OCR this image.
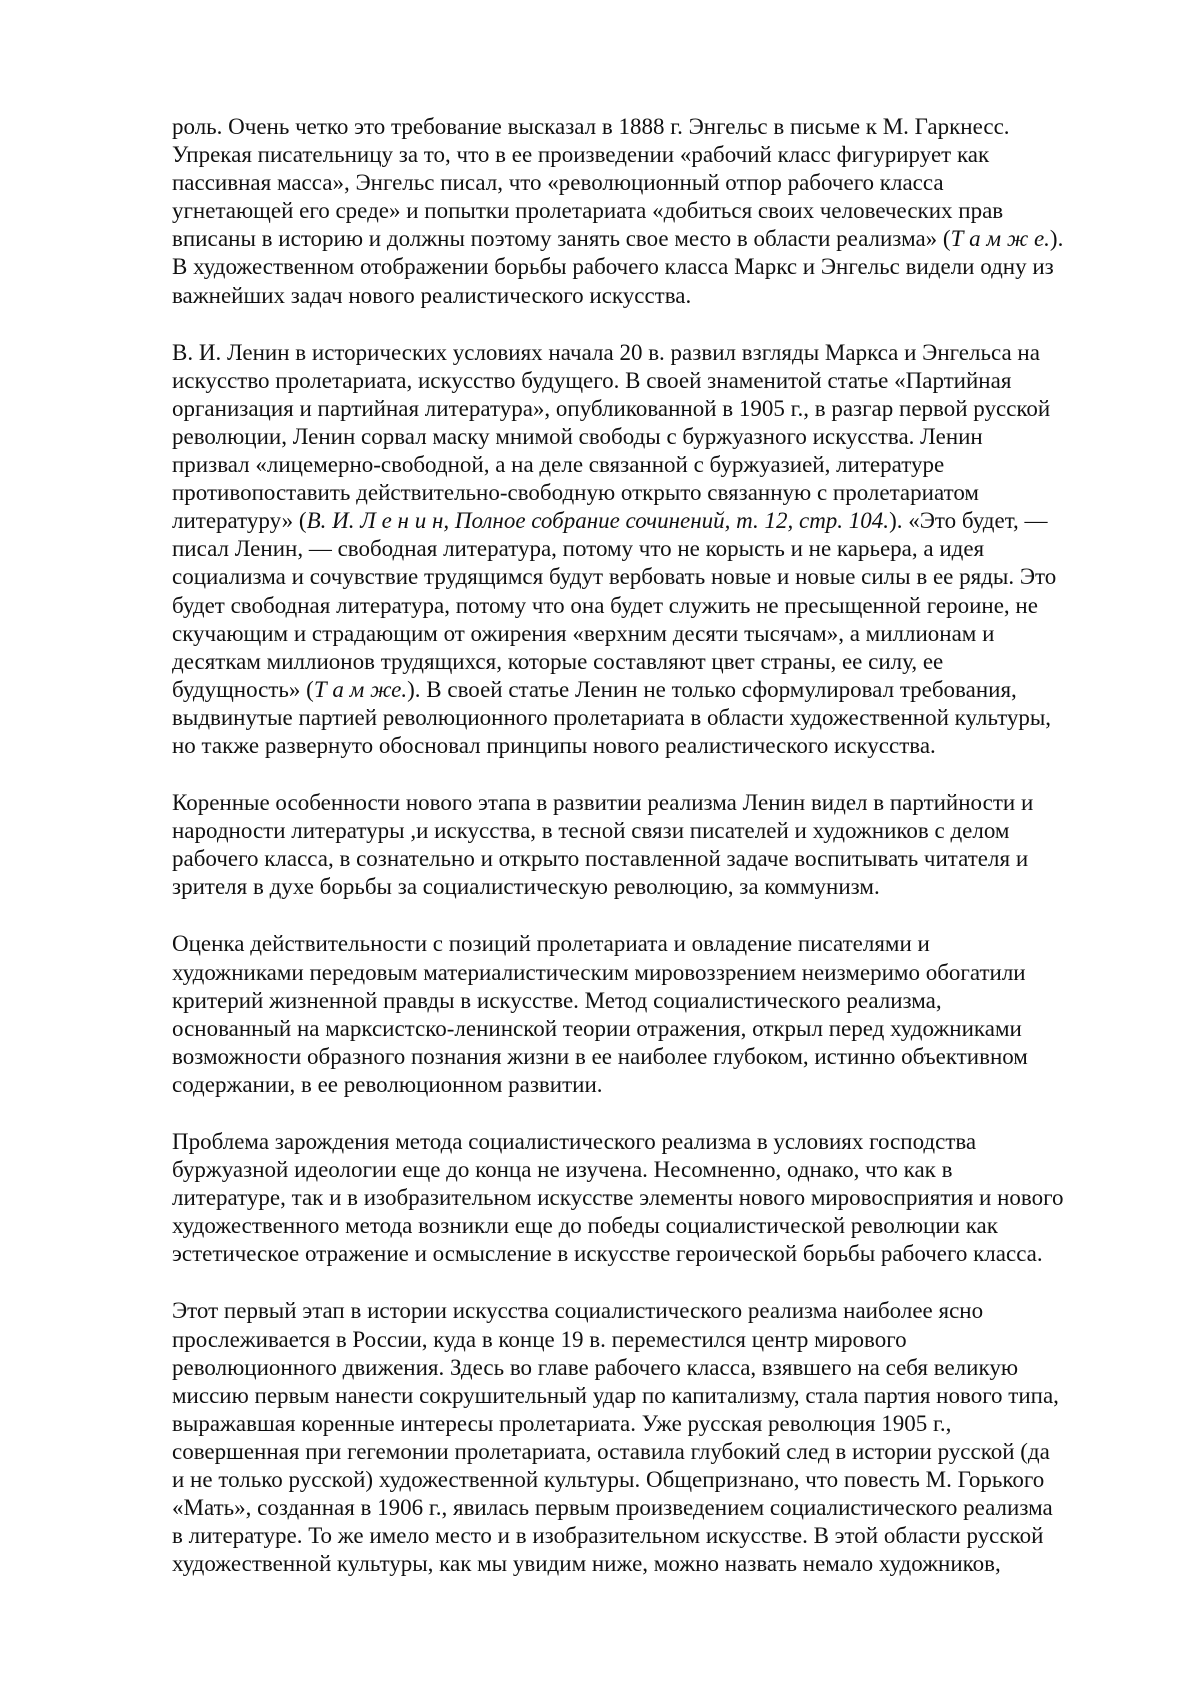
роль. Очень четко это требование высказал в 1888 г. Энгельс в письме к М. Гаркнесс.
Упрекая писательницу за то, что в ее произведении «рабочий класс фигурирует как
пассивная масса», Энгельс писал, что «революционный отпор рабочего класса
угнетающей его среде» и попытки пролетариата «добиться своих человеческих прав
вписаны в историю и должны поэтому занять свое место в области реализма» (Т а м ж е.).
В художественном отображении борьбы рабочего класса Маркс и Энгельс видели одну из
важнейших задач нового реалистического искусства.

В. И. Ленин в исторических условиях начала 20 в. развил взгляды Маркса и Энгельса на
искусство пролетариата, искусство будущего. В своей знаменитой статье «Партийная
организация и партийная литература», опубликованной в 1905 г., в разгар первой русской
революции, Ленин сорвал маску мнимой свободы с буржуазного искусства. Ленин
призвал «лицемерно-свободной, а на деле связанной с буржуазией, литературе
противопоставить действительно-свободную открыто связанную с пролетариатом
литературу» (В. И. Л е н и н, Полное собрание сочинений, т. 12, стр. 104.). «Это будет, —
писал Ленин, — свободная литература, потому что не корысть и не карьера, а идея
социализма и сочувствие трудящимся будут вербовать новые и новые силы в ее ряды. Это
будет свободная литература, потому что она будет служить не пресыщенной героине, не
скучающим и страдающим от ожирения «верхним десяти тысячам», а миллионам и
десяткам миллионов трудящихся, которые составляют цвет страны, ее силу, ее
будущность» (Т а м же.). В своей статье Ленин не только сформулировал требования,
выдвинутые партией революционного пролетариата в области художественной культуры,
но также развернуто обосновал принципы нового реалистического искусства.

Коренные особенности нового этапа в развитии реализма Ленин видел в партийности и
народности литературы ,и искусства, в тесной связи писателей и художников с делом
рабочего класса, в сознательно и открыто поставленной задаче воспитывать читателя и
зрителя в духе борьбы за социалистическую революцию, за коммунизм.

Оценка действительности с позиций пролетариата и овладение писателями и
художниками передовым материалистическим мировоззрением неизмеримо обогатили
критерий жизненной правды в искусстве. Метод социалистического реализма,
основанный на марксистско-ленинской теории отражения, открыл перед художниками
возможности образного познания жизни в ее наиболее глубоком, истинно объективном
содержании, в ее революционном развитии.

Проблема зарождения метода социалистического реализма в условиях господства
буржуазной идеологии еще до конца не изучена. Несомненно, однако, что как в
литературе, так и в изобразительном искусстве элементы нового мировосприятия и нового
художественного метода возникли еще до победы социалистической революции как
эстетическое отражение и осмысление в искусстве героической борьбы рабочего класса.

Этот первый этап в истории искусства социалистического реализма наиболее ясно
прослеживается в России, куда в конце 19 в. переместился центр мирового
революционного движения. Здесь во главе рабочего класса, взявшего на себя великую
миссию первым нанести сокрушительный удар по капитализму, стала партия нового типа,
выражавшая коренные интересы пролетариата. Уже русская революция 1905 г.,
совершенная при гегемонии пролетариата, оставила глубокий след в истории русской (да
и не только русской) художественной культуры. Общепризнано, что повесть М. Горького
«Мать», созданная в 1906 г., явилась первым произведением социалистического реализма
в литературе. То же имело место и в изобразительном искусстве. В этой области русской
художественной культуры, как мы увидим ниже, можно назвать немало художников,
